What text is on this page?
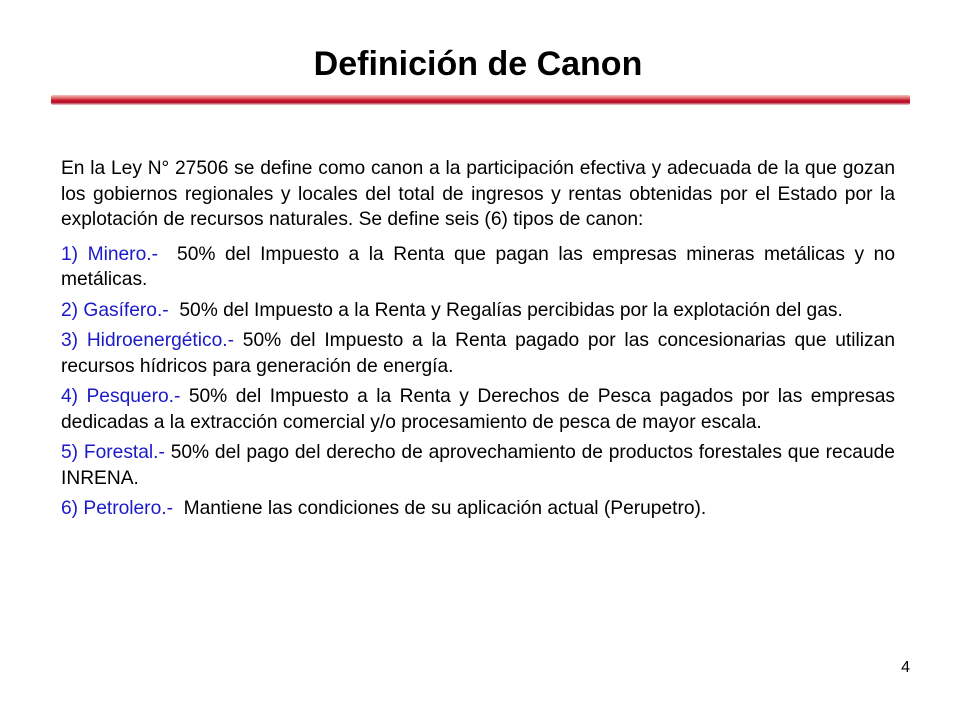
Definición de Canon

En la Ley N° 27506 se define como canon a la participación efectiva y adecuada de la que gozan los gobiernos regionales y locales del total de ingresos y rentas obtenidas por el Estado por la explotación de recursos naturales. Se define seis (6) tipos de canon:

1) Minero.- 50% del Impuesto a la Renta que pagan las empresas mineras metálicas y no metálicas.

2) Gasífero.- 50% del Impuesto a la Renta y Regalías percibidas por la explotación del gas.

3) Hidroenergético.- 50% del Impuesto a la Renta pagado por las concesionarias que utilizan recursos hídricos para generación de energía.

4) Pesquero.- 50% del Impuesto a la Renta y Derechos de Pesca pagados por las empresas dedicadas a la extracción comercial y/o procesamiento de pesca de mayor escala.

5) Forestal.- 50% del pago del derecho de aprovechamiento de productos forestales que recaude INRENA.

6) Petrolero.- Mantiene las condiciones de su aplicación actual (Perupetro).

4
